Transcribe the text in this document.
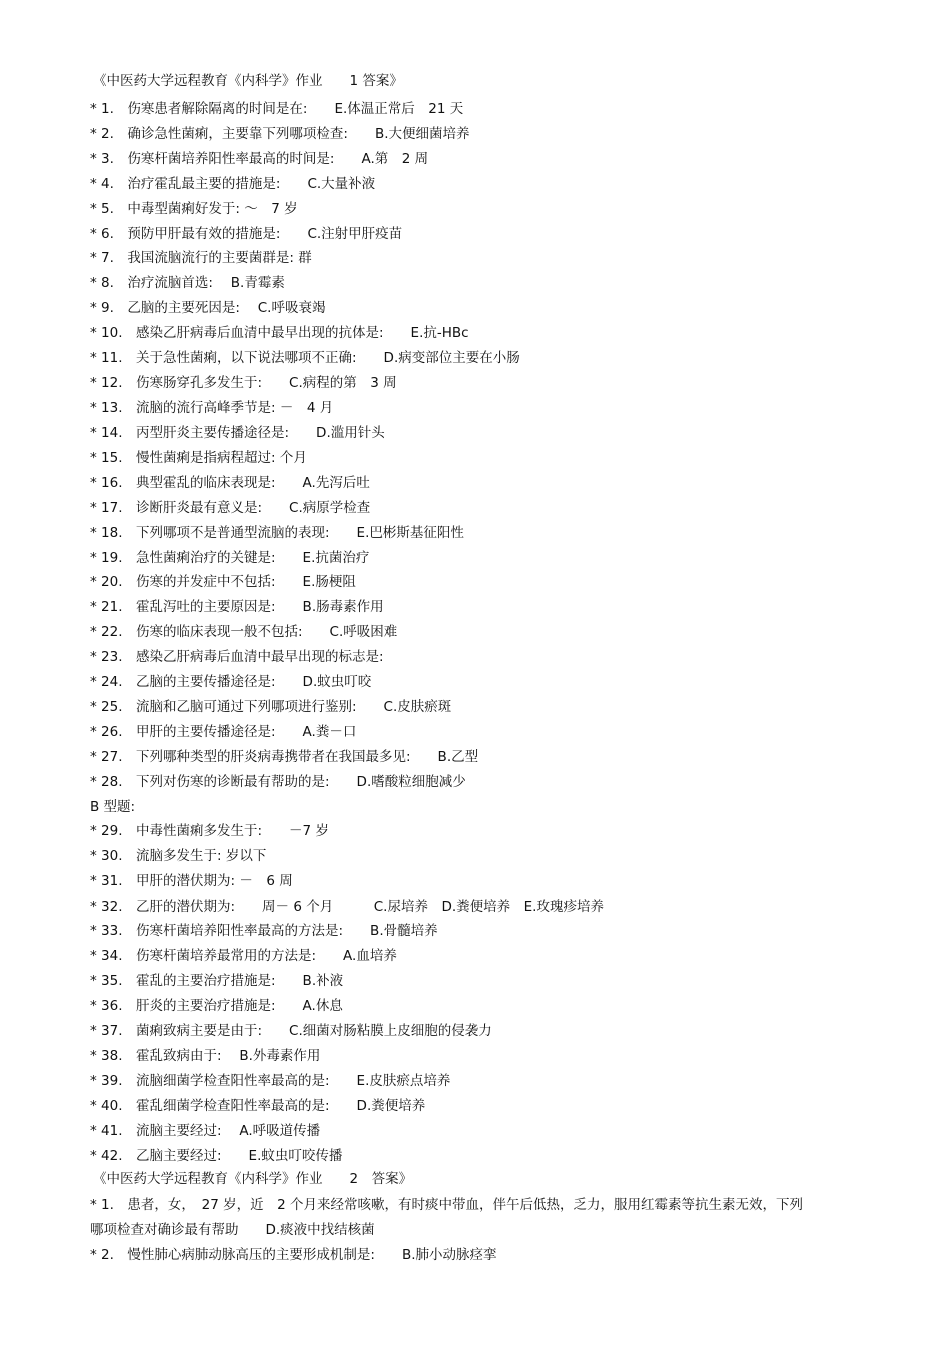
《中医药大学远程教育《内科学》作业　　1 答案》
* 1.　伤寒患者解除隔离的时间是在:　　E.体温正常后　21 天
* 2.　确诊急性菌痢，主要靠下列哪项检查:　　B.大便细菌培养
* 3.　伤寒杆菌培养阳性率最高的时间是:　　A.第　2 周
* 4.　治疗霍乱最主要的措施是:　　C.大量补液
* 5.　中毒型菌痢好发于: ～　7 岁
* 6.　预防甲肝最有效的措施是:　　C.注射甲肝疫苗
* 7.　我国流脑流行的主要菌群是: 群
* 8.　治疗流脑首选:　 B.青霉素
* 9.　乙脑的主要死因是:　 C.呼吸衰竭
* 10.　感染乙肝病毒后血清中最早出现的抗体是:　　E.抗-HBc
* 11.　关于急性菌痢，以下说法哪项不正确:　　D.病变部位主要在小肠
* 12.　伤寒肠穿孔多发生于:　　C.病程的第　3 周
* 13.　流脑的流行高峰季节是: －　4 月
* 14.　丙型肝炎主要传播途径是:　　D.滥用针头
* 15.　慢性菌痢是指病程超过: 个月
* 16.　典型霍乱的临床表现是:　　A.先泻后吐
* 17.　诊断肝炎最有意义是:　　C.病原学检查
* 18.　下列哪项不是普通型流脑的表现:　　E.巴彬斯基征阳性
* 19.　急性菌痢治疗的关键是:　　E.抗菌治疗
* 20.　伤寒的并发症中不包括:　　E.肠梗阻
* 21.　霍乱泻吐的主要原因是:　　B.肠毒素作用
* 22.　伤寒的临床表现一般不包括:　　C.呼吸困难
* 23.　感染乙肝病毒后血清中最早出现的标志是:
* 24.　乙脑的主要传播途径是:　　D.蚊虫叮咬
* 25.　流脑和乙脑可通过下列哪项进行鉴别:　　C.皮肤瘀斑
* 26.　甲肝的主要传播途径是:　　A.粪－口
* 27.　下列哪种类型的肝炎病毒携带者在我国最多见:　　B.乙型
* 28.　下列对伤寒的诊断最有帮助的是:　　D.嗜酸粒细胞减少
B 型题:
* 29.　中毒性菌痢多发生于:　　－7 岁
* 30.　流脑多发生于: 岁以下
* 31.　甲肝的潜伏期为: －　6 周
* 32.　乙肝的潜伏期为:　　周－ 6 个月　　　C.尿培养　D.粪便培养　E.玫瑰疹培养
* 33.　伤寒杆菌培养阳性率最高的方法是:　　B.骨髓培养
* 34.　伤寒杆菌培养最常用的方法是:　　A.血培养
* 35.　霍乱的主要治疗措施是:　　B.补液
* 36.　肝炎的主要治疗措施是:　　A.休息
* 37.　菌痢致病主要是由于:　　C.细菌对肠粘膜上皮细胞的侵袭力
* 38.　霍乱致病由于:　 B.外毒素作用
* 39.　流脑细菌学检查阳性率最高的是:　　E.皮肤瘀点培养
* 40.　霍乱细菌学检查阳性率最高的是:　　D.粪便培养
* 41.　流脑主要经过:　 A.呼吸道传播
* 42.　乙脑主要经过:　　E.蚊虫叮咬传播
《中医药大学远程教育《内科学》作业　　2　答案》
* 1.　患者，女，　27 岁，近　2 个月来经常咳嗽，有时痰中带血，伴午后低热，乏力，服用红霉素等抗生素无效，下列哪项检查对确诊最有帮助　　D.痰液中找结核菌
* 2.　慢性肺心病肺动脉高压的主要形成机制是:　　B.肺小动脉痉挛
